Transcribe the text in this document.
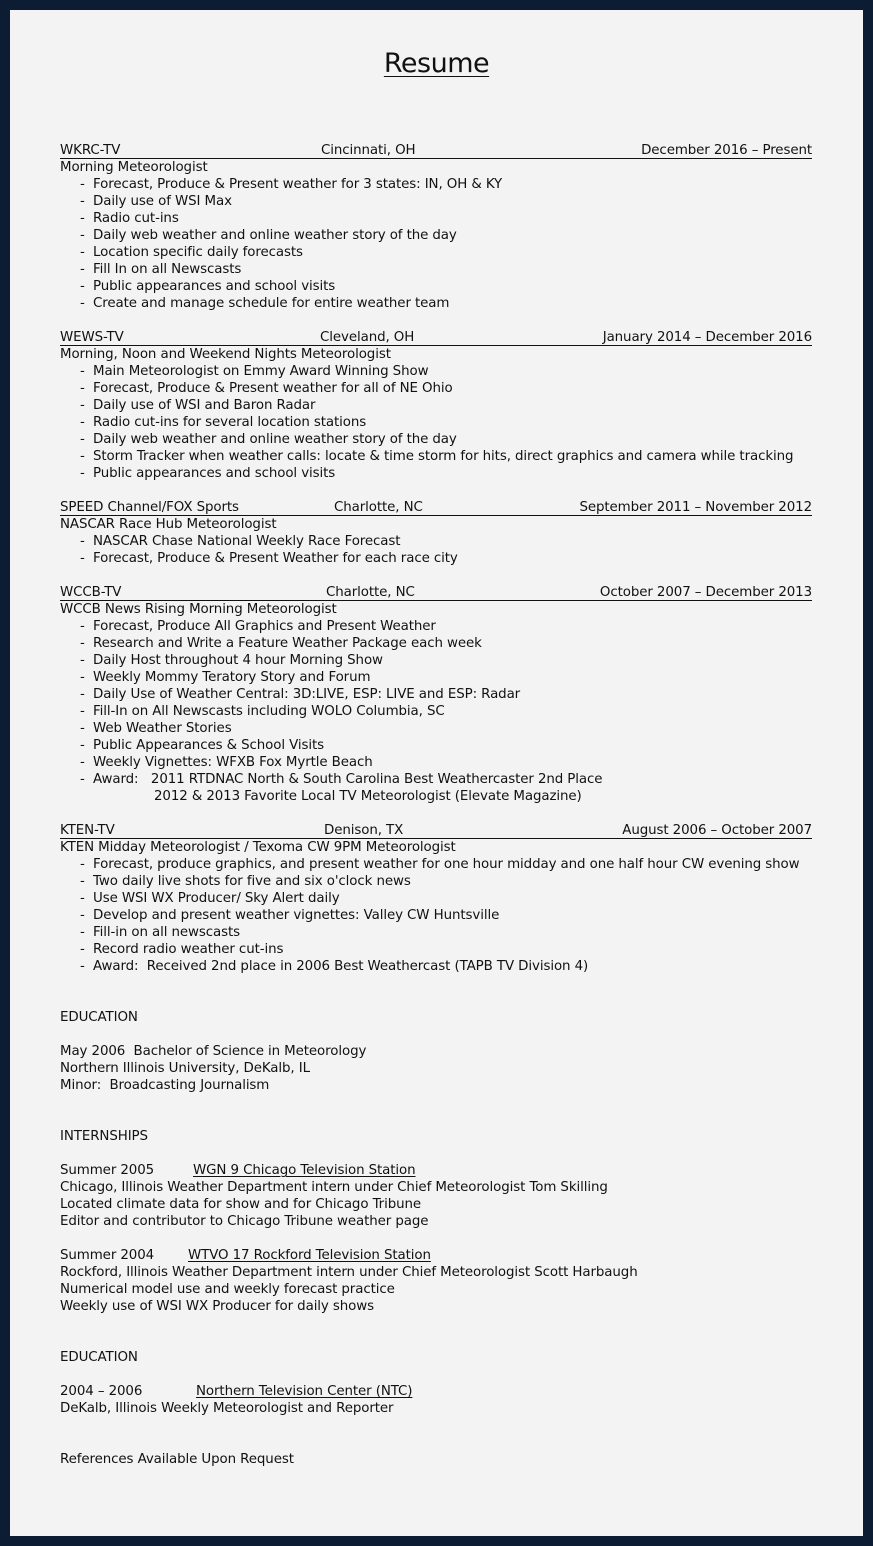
Resume
WKRC-TV	Cincinnati, OH	December 2016 – Present
Morning Meteorologist
- Forecast, Produce & Present weather for 3 states: IN, OH & KY
- Daily use of WSI Max
- Radio cut-ins
- Daily web weather and online weather story of the day
- Location specific daily forecasts
- Fill In on all Newscasts
- Public appearances and school visits
- Create and manage schedule for entire weather team
WEWS-TV	Cleveland, OH	January 2014 – December 2016
Morning, Noon and Weekend Nights Meteorologist
- Main Meteorologist on Emmy Award Winning Show
- Forecast, Produce & Present weather for all of NE Ohio
- Daily use of WSI and Baron Radar
- Radio cut-ins for several location stations
- Daily web weather and online weather story of the day
- Storm Tracker when weather calls: locate & time storm for hits, direct graphics and camera while tracking
- Public appearances and school visits
SPEED Channel/FOX Sports	Charlotte, NC	September 2011 – November 2012
NASCAR Race Hub Meteorologist
- NASCAR Chase National Weekly Race Forecast
- Forecast, Produce & Present Weather for each race city
WCCB-TV	Charlotte, NC	October 2007 – December 2013
WCCB News Rising Morning Meteorologist
- Forecast, Produce All Graphics and Present Weather
- Research and Write a Feature Weather Package each week
- Daily Host throughout 4 hour Morning Show
- Weekly Mommy Teratory Story and Forum
- Daily Use of Weather Central: 3D:LIVE, ESP: LIVE and ESP: Radar
- Fill-In on All Newscasts including WOLO Columbia, SC
- Web Weather Stories
- Public Appearances & School Visits
- Weekly Vignettes: WFXB Fox Myrtle Beach
- Award:   2011 RTDNAC North & South Carolina Best Weathercaster 2nd Place
2012 & 2013 Favorite Local TV Meteorologist (Elevate Magazine)
KTEN-TV	Denison, TX	August 2006 – October 2007
KTEN Midday Meteorologist / Texoma CW 9PM Meteorologist
- Forecast, produce graphics, and present weather for one hour midday and one half hour CW evening show
- Two daily live shots for five and six o'clock news
- Use WSI WX Producer/ Sky Alert daily
- Develop and present weather vignettes: Valley CW Huntsville
- Fill-in on all newscasts
- Record radio weather cut-ins
- Award:  Received 2nd place in 2006 Best Weathercast (TAPB TV Division 4)
EDUCATION
May 2006  Bachelor of Science in Meteorology
Northern Illinois University, DeKalb, IL
Minor:  Broadcasting Journalism
INTERNSHIPS
Summer 2005	WGN 9 Chicago Television Station
Chicago, Illinois Weather Department intern under Chief Meteorologist Tom Skilling
Located climate data for show and for Chicago Tribune
Editor and contributor to Chicago Tribune weather page
Summer 2004	WTVO 17 Rockford Television Station
Rockford, Illinois Weather Department intern under Chief Meteorologist Scott Harbaugh
Numerical model use and weekly forecast practice
Weekly use of WSI WX Producer for daily shows
EDUCATION
2004 – 2006	Northern Television Center (NTC)
DeKalb, Illinois Weekly Meteorologist and Reporter
References Available Upon Request
